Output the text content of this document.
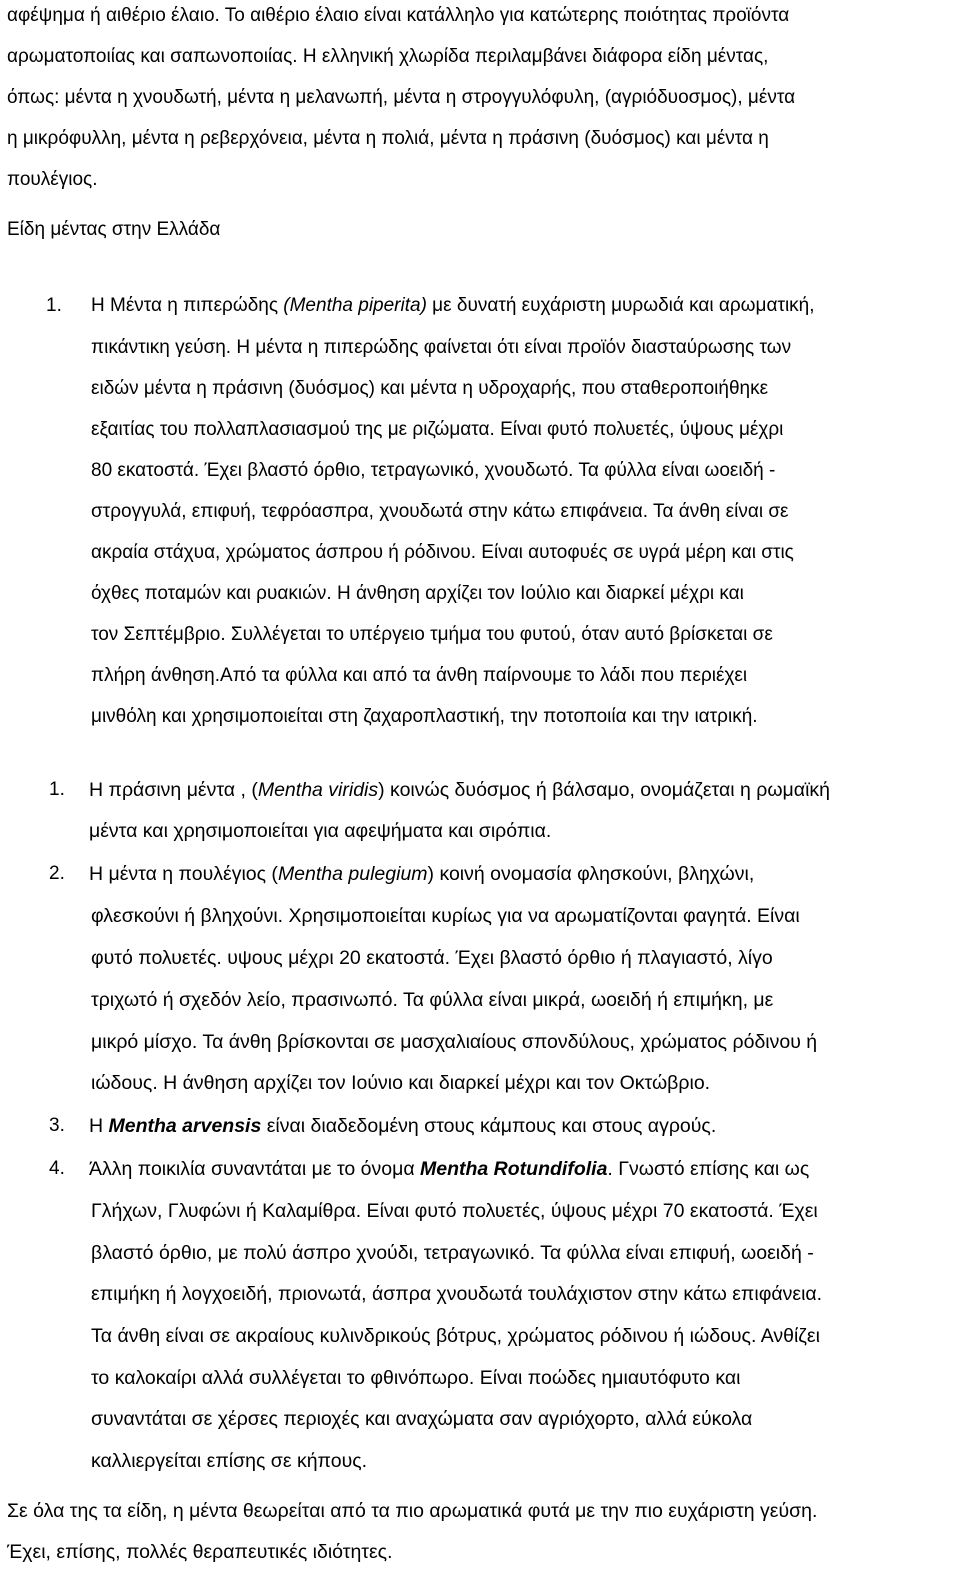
αφέψημα ή αιθέριο έλαιο. Το αιθέριο έλαιο είναι κατάλληλο για κατώτερης ποιότητας προϊόντα
αρωματοποιίας και σαπωνοποιίας. Η ελληνική χλωρίδα περιλαμβάνει διάφορα είδη μέντας,
όπως: μέντα η χνουδωτή, μέντα η μελανωπή, μέντα η στρογγυλόφυλη, (αγριόδυοσμος), μέντα
η μικρόφυλλη, μέντα η ρεβερχόνεια, μέντα η πολιά, μέντα η πράσινη (δυόσμος) και μέντα η
πουλέγιος.
Είδη μέντας στην Ελλάδα
1. Η Μέντα η πιπερώδης (Mentha piperita) με δυνατή ευχάριστη μυρωδιά και αρωματική,
πικάντικη γεύση. Η μέντα η πιπερώδης φαίνεται ότι είναι προϊόν διασταύρωσης των
ειδών μέντα η πράσινη (δυόσμος) και μέντα η υδροχαρής, που σταθεροποιήθηκε
εξαιτίας του πολλαπλασιασμού της με ριζώματα. Είναι φυτό πολυετές, ύψους μέχρι
80 εκατοστά. Έχει βλαστό όρθιο, τετραγωνικό, χνουδωτό. Τα φύλλα είναι ωοειδή -
στρογγυλά, επιφυή, τεφρόασπρα, χνουδωτά στην κάτω επιφάνεια. Τα άνθη είναι σε
ακραία στάχυα, χρώματος άσπρου ή ρόδινου. Είναι αυτοφυές σε υγρά μέρη και στις
όχθες ποταμών και ρυακιών. Η άνθηση αρχίζει τον Ιούλιο και διαρκεί μέχρι και
τον Σεπτέμβριο. Συλλέγεται το υπέργειο τμήμα του φυτού, όταν αυτό βρίσκεται σε
πλήρη άνθηση.Από τα φύλλα και από τα άνθη παίρνουμε το λάδι που περιέχει
μινθόλη και χρησιμοποιείται στη ζαχαροπλαστική, την ποτοποιία και την ιατρική.
1. Η πράσινη μέντα , (Mentha viridis) κοινώς δυόσμος ή βάλσαμο, ονομάζεται η ρωμαϊκή
μέντα και χρησιμοποιείται για αφεψήματα και σιρόπια.
2. Η μέντα η πουλέγιος (Mentha pulegium) κοινή ονομασία φλησκούνι, βληχώνι,
φλεσκούνι ή βληχούνι. Χρησιμοποιείται κυρίως για να αρωματίζονται φαγητά. Είναι
φυτό πολυετές. υψους μέχρι 20 εκατοστά. Έχει βλαστό όρθιο ή πλαγιαστό, λίγο
τριχωτό ή σχεδόν λείο, πρασινωπό. Τα φύλλα είναι μικρά, ωοειδή ή επιμήκη, με
μικρό μίσχο. Τα άνθη βρίσκονται σε μασχαλιαίους σπονδύλους, χρώματος ρόδινου ή
ιώδους. Η άνθηση αρχίζει τον Ιούνιο και διαρκεί μέχρι και τον Οκτώβριο.
3. Η Mentha arvensis είναι διαδεδομένη στους κάμπους και στους αγρούς.
4. Άλλη ποικιλία συναντάται με το όνομα Mentha Rotundifolia. Γνωστό επίσης και ως
Γλήχων, Γλυφώνι ή Καλαμίθρα. Είναι φυτό πολυετές, ύψους μέχρι 70 εκατοστά. Έχει
βλαστό όρθιο, με πολύ άσπρο χνούδι, τετραγωνικό. Τα φύλλα είναι επιφυή, ωοειδή -
επιμήκη ή λογχοειδή, πριονωτά, άσπρα χνουδωτά τουλάχιστον στην κάτω επιφάνεια.
Τα άνθη είναι σε ακραίους κυλινδρικούς βότρυς, χρώματος ρόδινου ή ιώδους. Ανθίζει
το καλοκαίρι αλλά συλλέγεται το φθινόπωρο. Είναι ποώδες ημιαυτόφυτο και
συναντάται σε χέρσες περιοχές και αναχώματα σαν αγριόχορτο, αλλά εύκολα
καλλιεργείται επίσης σε κήπους.
Σε όλα της τα είδη, η μέντα θεωρείται από τα πιο αρωματικά φυτά με την πιο ευχάριστη γεύση.
Έχει, επίσης, πολλές θεραπευτικές ιδιότητες.
